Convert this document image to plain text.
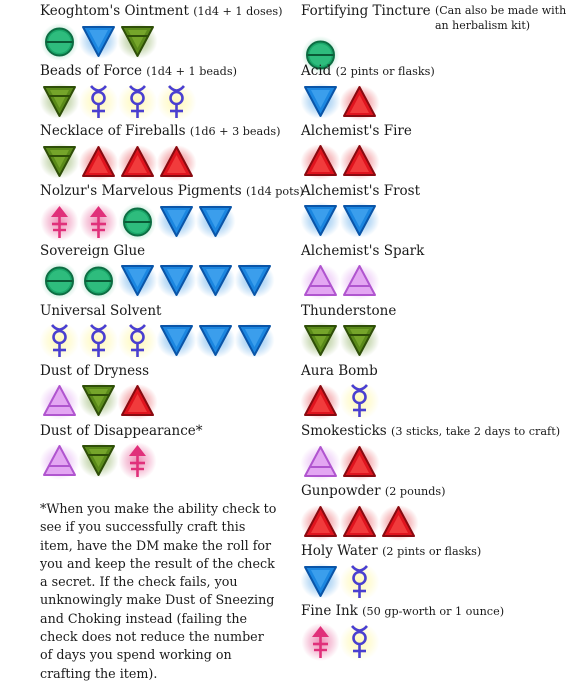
Keoghtom's Ointment (1d4 + 1 doses)
Beads of Force (1d4 + 1 beads)
Necklace of Fireballs (1d6 + 3 beads)
Nolzur's Marvelous Pigments (1d4 pots)
Sovereign Glue
Universal Solvent
Dust of Dryness
Dust of Disappearance*
*When you make the ability check to see if you successfully craft this item, have the DM make the roll for you and keep the result of the check a secret. If the check fails, you unknowingly make Dust of Sneezing and Choking instead (failing the check does not reduce the number of days you spend working on crafting the item).
Fortifying Tincture (Can also be made with an herbalism kit)
Acid (2 pints or flasks)
Alchemist's Fire
Alchemist's Frost
Alchemist's Spark
Thunderstone
Aura Bomb
Smokesticks (3 sticks, take 2 days to craft)
Gunpowder (2 pounds)
Holy Water (2 pints or flasks)
Fine Ink (50 gp-worth or 1 ounce)
